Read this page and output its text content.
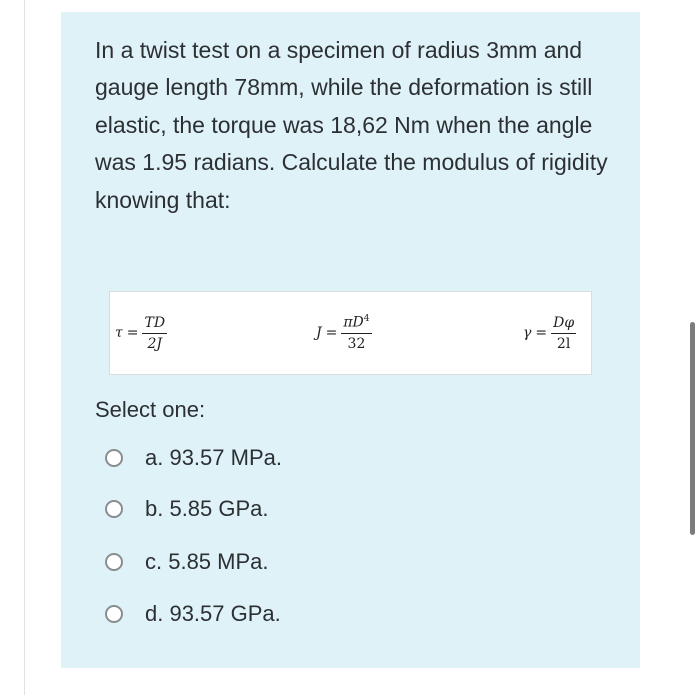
In a twist test on a specimen of radius 3mm and gauge length 78mm, while the deformation is still elastic, the torque was 18,62 Nm when the angle was 1.95 radians. Calculate the modulus of rigidity knowing that:

$\tau = \frac{TD}{2J}$	$J = \frac{\pi D^4}{32}$	$\gamma = \frac{D\varphi}{2l}$
Select one:
a. 93.57 MPa.
b. 5.85 GPa.
c. 5.85 MPa.
d. 93.57 GPa.
